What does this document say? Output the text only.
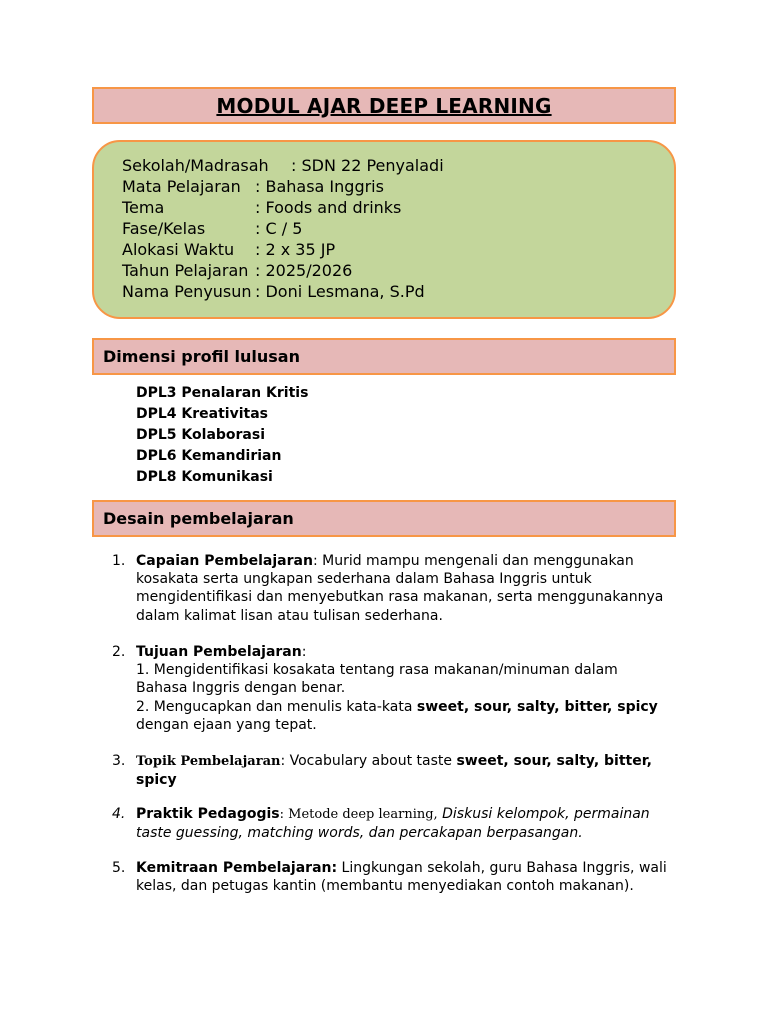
MODUL AJAR DEEP LEARNING
Sekolah/Madrasah : SDN 22 Penyaladi
Mata Pelajaran : Bahasa Inggris
Tema	: Foods and drinks
Fase/Kelas	: C / 5
Alokasi Waktu : 2 x 35 JP
Tahun Pelajaran : 2025/2026
Nama Penyusun : Doni Lesmana, S.Pd
Dimensi profil lulusan
DPL3 Penalaran Kritis
DPL4 Kreativitas
DPL5 Kolaborasi
DPL6 Kemandirian
DPL8 Komunikasi
Desain pembelajaran
1. Capaian Pembelajaran: Murid mampu mengenali dan menggunakan kosakata serta ungkapan sederhana dalam Bahasa Inggris untuk mengidentifikasi dan menyebutkan rasa makanan, serta menggunakannya dalam kalimat lisan atau tulisan sederhana.
2. Tujuan Pembelajaran:
1. Mengidentifikasi kosakata tentang rasa makanan/minuman dalam Bahasa Inggris dengan benar.
2. Mengucapkan dan menulis kata-kata sweet, sour, salty, bitter, spicy dengan ejaan yang tepat.
3. Topik Pembelajaran: Vocabulary about taste sweet, sour, salty, bitter, spicy
4. Praktik Pedagogis: Metode deep learning, Diskusi kelompok, permainan taste guessing, matching words, dan percakapan berpasangan.
5. Kemitraan Pembelajaran: Lingkungan sekolah, guru Bahasa Inggris, wali kelas, dan petugas kantin (membantu menyediakan contoh makanan).
